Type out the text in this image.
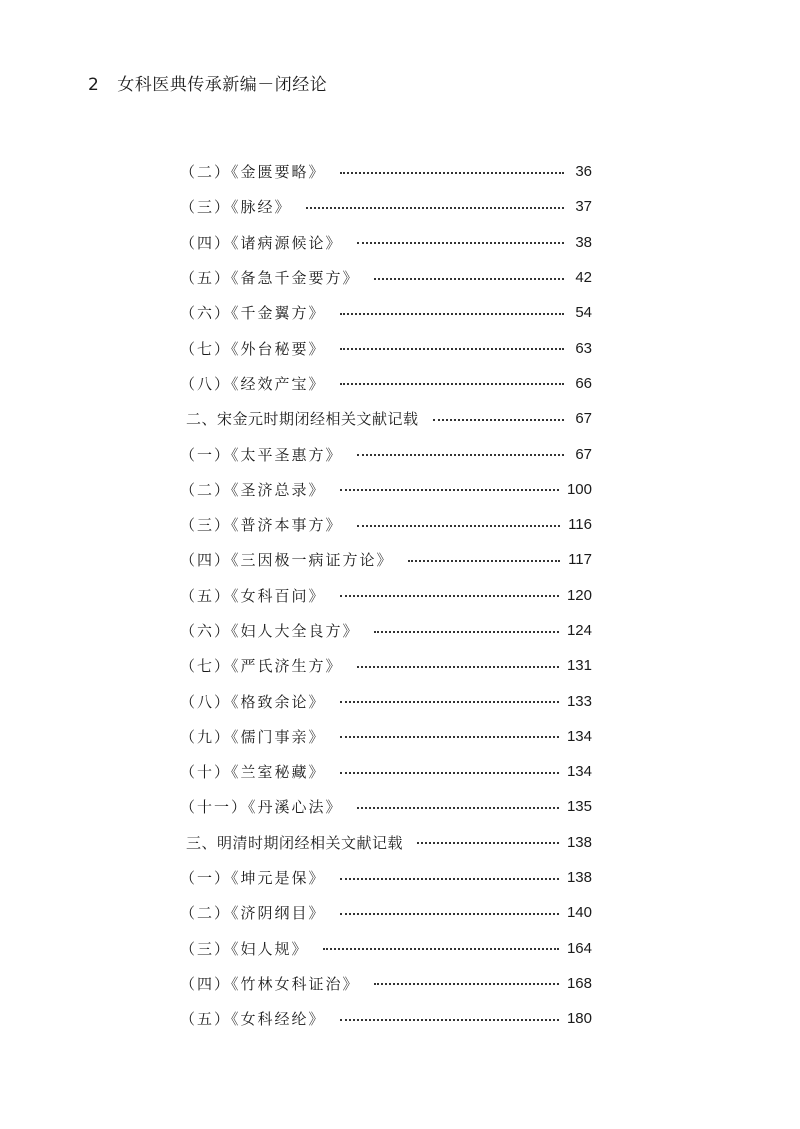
2 女科医典传承新编－闭经论
（二）《金匮要略》	36
（三）《脉经》	37
（四）《诸病源候论》	38
（五）《备急千金要方》	42
（六）《千金翼方》	54
（七）《外台秘要》	63
（八）《经效产宝》	66
二、宋金元时期闭经相关文献记载	67
（一）《太平圣惠方》	67
（二）《圣济总录》	100
（三）《普济本事方》	116
（四）《三因极一病证方论》	117
（五）《女科百问》	120
（六）《妇人大全良方》	124
（七）《严氏济生方》	131
（八）《格致余论》	133
（九）《儒门事亲》	134
（十）《兰室秘藏》	134
（十一）《丹溪心法》	135
三、明清时期闭经相关文献记载	138
（一）《坤元是保》	138
（二）《济阴纲目》	140
（三）《妇人规》	164
（四）《竹林女科证治》	168
（五）《女科经纶》	180
